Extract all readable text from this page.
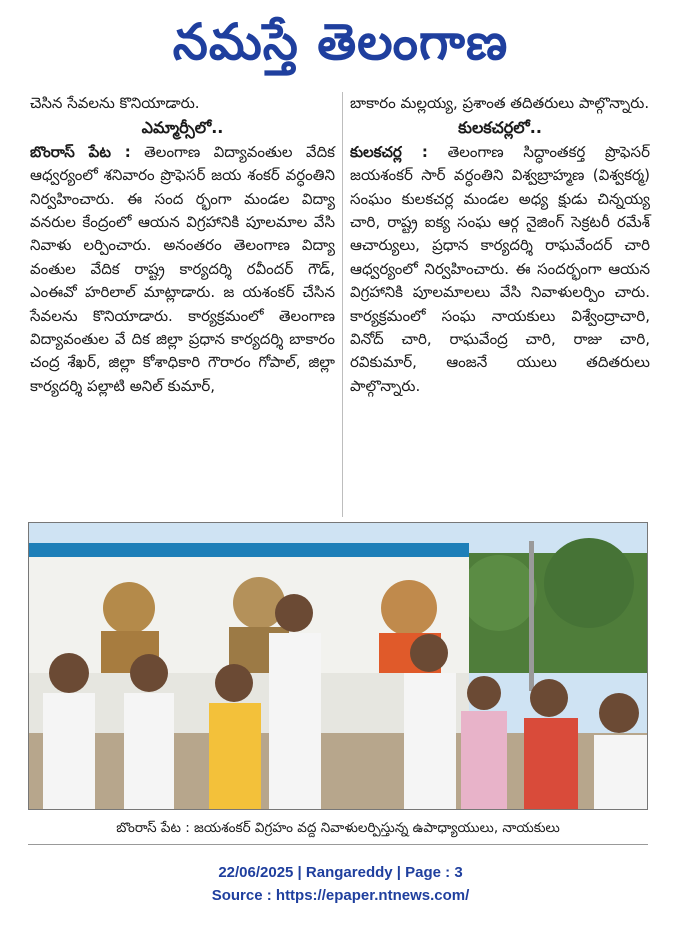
నమస్తే తెలంగాణ

చెసిన సేవలను కొనియాడారు.

ఎమ్మార్సీలో..

బొంరాస్ పేట : తెలంగాణ విద్యావంతుల వేదిక ఆధ్వర్యంలో శనివారం ప్రొఫెసర్ జయ శంకర్ వర్ధంతిని నిర్వహించారు. ఈ సంద ర్భంగా మండల విద్యా వనరుల కేంద్రంలో ఆయన విగ్రహానికి పూలమాల వేసి నివాళు లర్పించారు. అనంతరం తెలంగాణ విద్యా వంతుల వేదిక రాష్ట్ర కార్యదర్శి రవీందర్ గౌడ్, ఎంఈవో హరిలాల్ మాట్లాడారు. జ యశంకర్ చేసిన సేవలను కొనియాడారు. కార్యక్రమంలో తెలంగాణ విద్యావంతుల వే దిక జిల్లా ప్రధాన కార్యదర్శి బాకారం చంద్ర శేఖర్, జిల్లా కోశాధికారి గౌరారం గోపాల్, జిల్లా కార్యదర్శి పల్లాటి అనిల్ కుమార్,

బాకారం మల్లయ్య, ప్రశాంత తదితరులు పాల్గొన్నారు.

కులకచర్లలో..

కులకచర్ల : తెలంగాణ సిద్ధాంతకర్త ప్రొఫెసర్ జయశంకర్ సార్ వర్ధంతిని విశ్వబ్రాహ్మణ (విశ్వకర్మ) సంఘం కులకచర్ల మండల అధ్య క్షుడు చిన్నయ్య చారి, రాష్ట్ర ఐక్య సంఘ ఆర్గ నైజింగ్ సెక్రటరీ రమేశ్ ఆచార్యులు, ప్రధాన కార్యదర్శి రాఘవేందర్ చారి ఆధ్వర్యంలో నిర్వహించారు. ఈ సందర్భంగా ఆయన విగ్రహానికి పూలమాలలు వేసి నివాళులర్పిం చారు. కార్యక్రమంలో సంఘ నాయకులు విశ్వేంద్రాచారి, వినోద్ చారి, రాఘవేంద్ర చారి, రాజు చారి, రవికుమార్, ఆంజనే యులు తదితరులు పాల్గొన్నారు.

బొంరాస్ పేట : జయశంకర్ విగ్రహం వద్ద నివాళులర్పిస్తున్న ఉపాధ్యాయులు, నాయకులు
22/06/2025 | Rangareddy | Page : 3
Source : https://epaper.ntnews.com/
